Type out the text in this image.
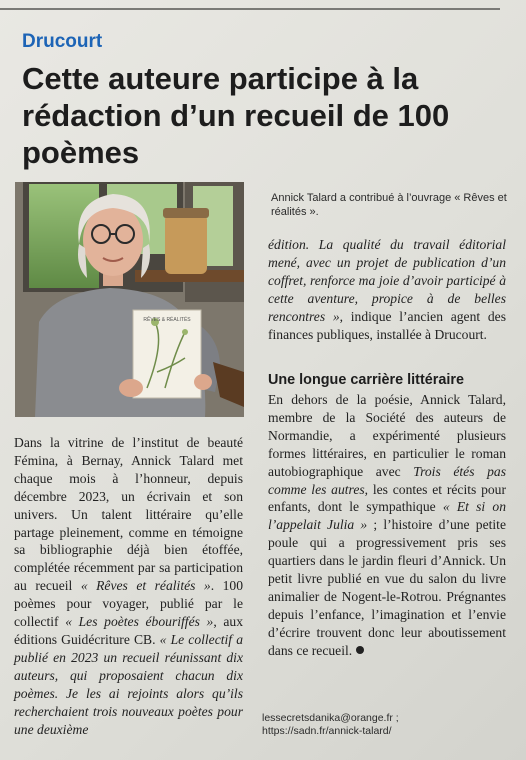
Drucourt
Cette auteure participe à la rédaction d’un recueil de 100 poèmes
RÊVES & RÉALITÉS

Annick Talard a contribué à l’ouvrage « Rêves et réalités ».

Dans la vitrine de l’institut de beauté Fémina, à Bernay, Annick Talard met chaque mois à l’honneur, depuis décembre 2023, un écrivain et son univers. Un talent littéraire qu’elle partage pleinement, comme en témoigne sa bibliographie déjà bien étoffée, complétée récemment par sa participation au recueil « Rêves et réalités ». 100 poèmes pour voyager, publié par le collectif « Les poètes ébouriffés », aux éditions Guidécriture CB. « Le collectif a publié en 2023 un recueil réunissant dix auteurs, qui proposaient chacun dix poèmes. Je les ai rejoints alors qu’ils recherchaient trois nouveaux poètes pour une deuxième

édition. La qualité du travail éditorial mené, avec un projet de publication d’un coffret, renforce ma joie d’avoir participé à cette aventure, propice à de belles rencontres », indique l’ancien agent des finances publiques, installée à Drucourt.

Une longue carrière littéraire

En dehors de la poésie, Annick Talard, membre de la Société des auteurs de Normandie, a expérimenté plusieurs formes littéraires, en particulier le roman autobiographique avec Trois étés pas comme les autres, les contes et récits pour enfants, dont le sympathique « Et si on l’appelait Julia » ; l’histoire d’une petite poule qui a progressivement pris ses quartiers dans le jardin fleuri d’Annick. Un petit livre publié en vue du salon du livre animalier de Nogent-le-Rotrou. Prégnantes depuis l’enfance, l’imagination et l’envie d’écrire trouvent donc leur aboutissement dans ce recueil.

lessecretsdanika@orange.fr ;
https://sadn.fr/annick-talard/
